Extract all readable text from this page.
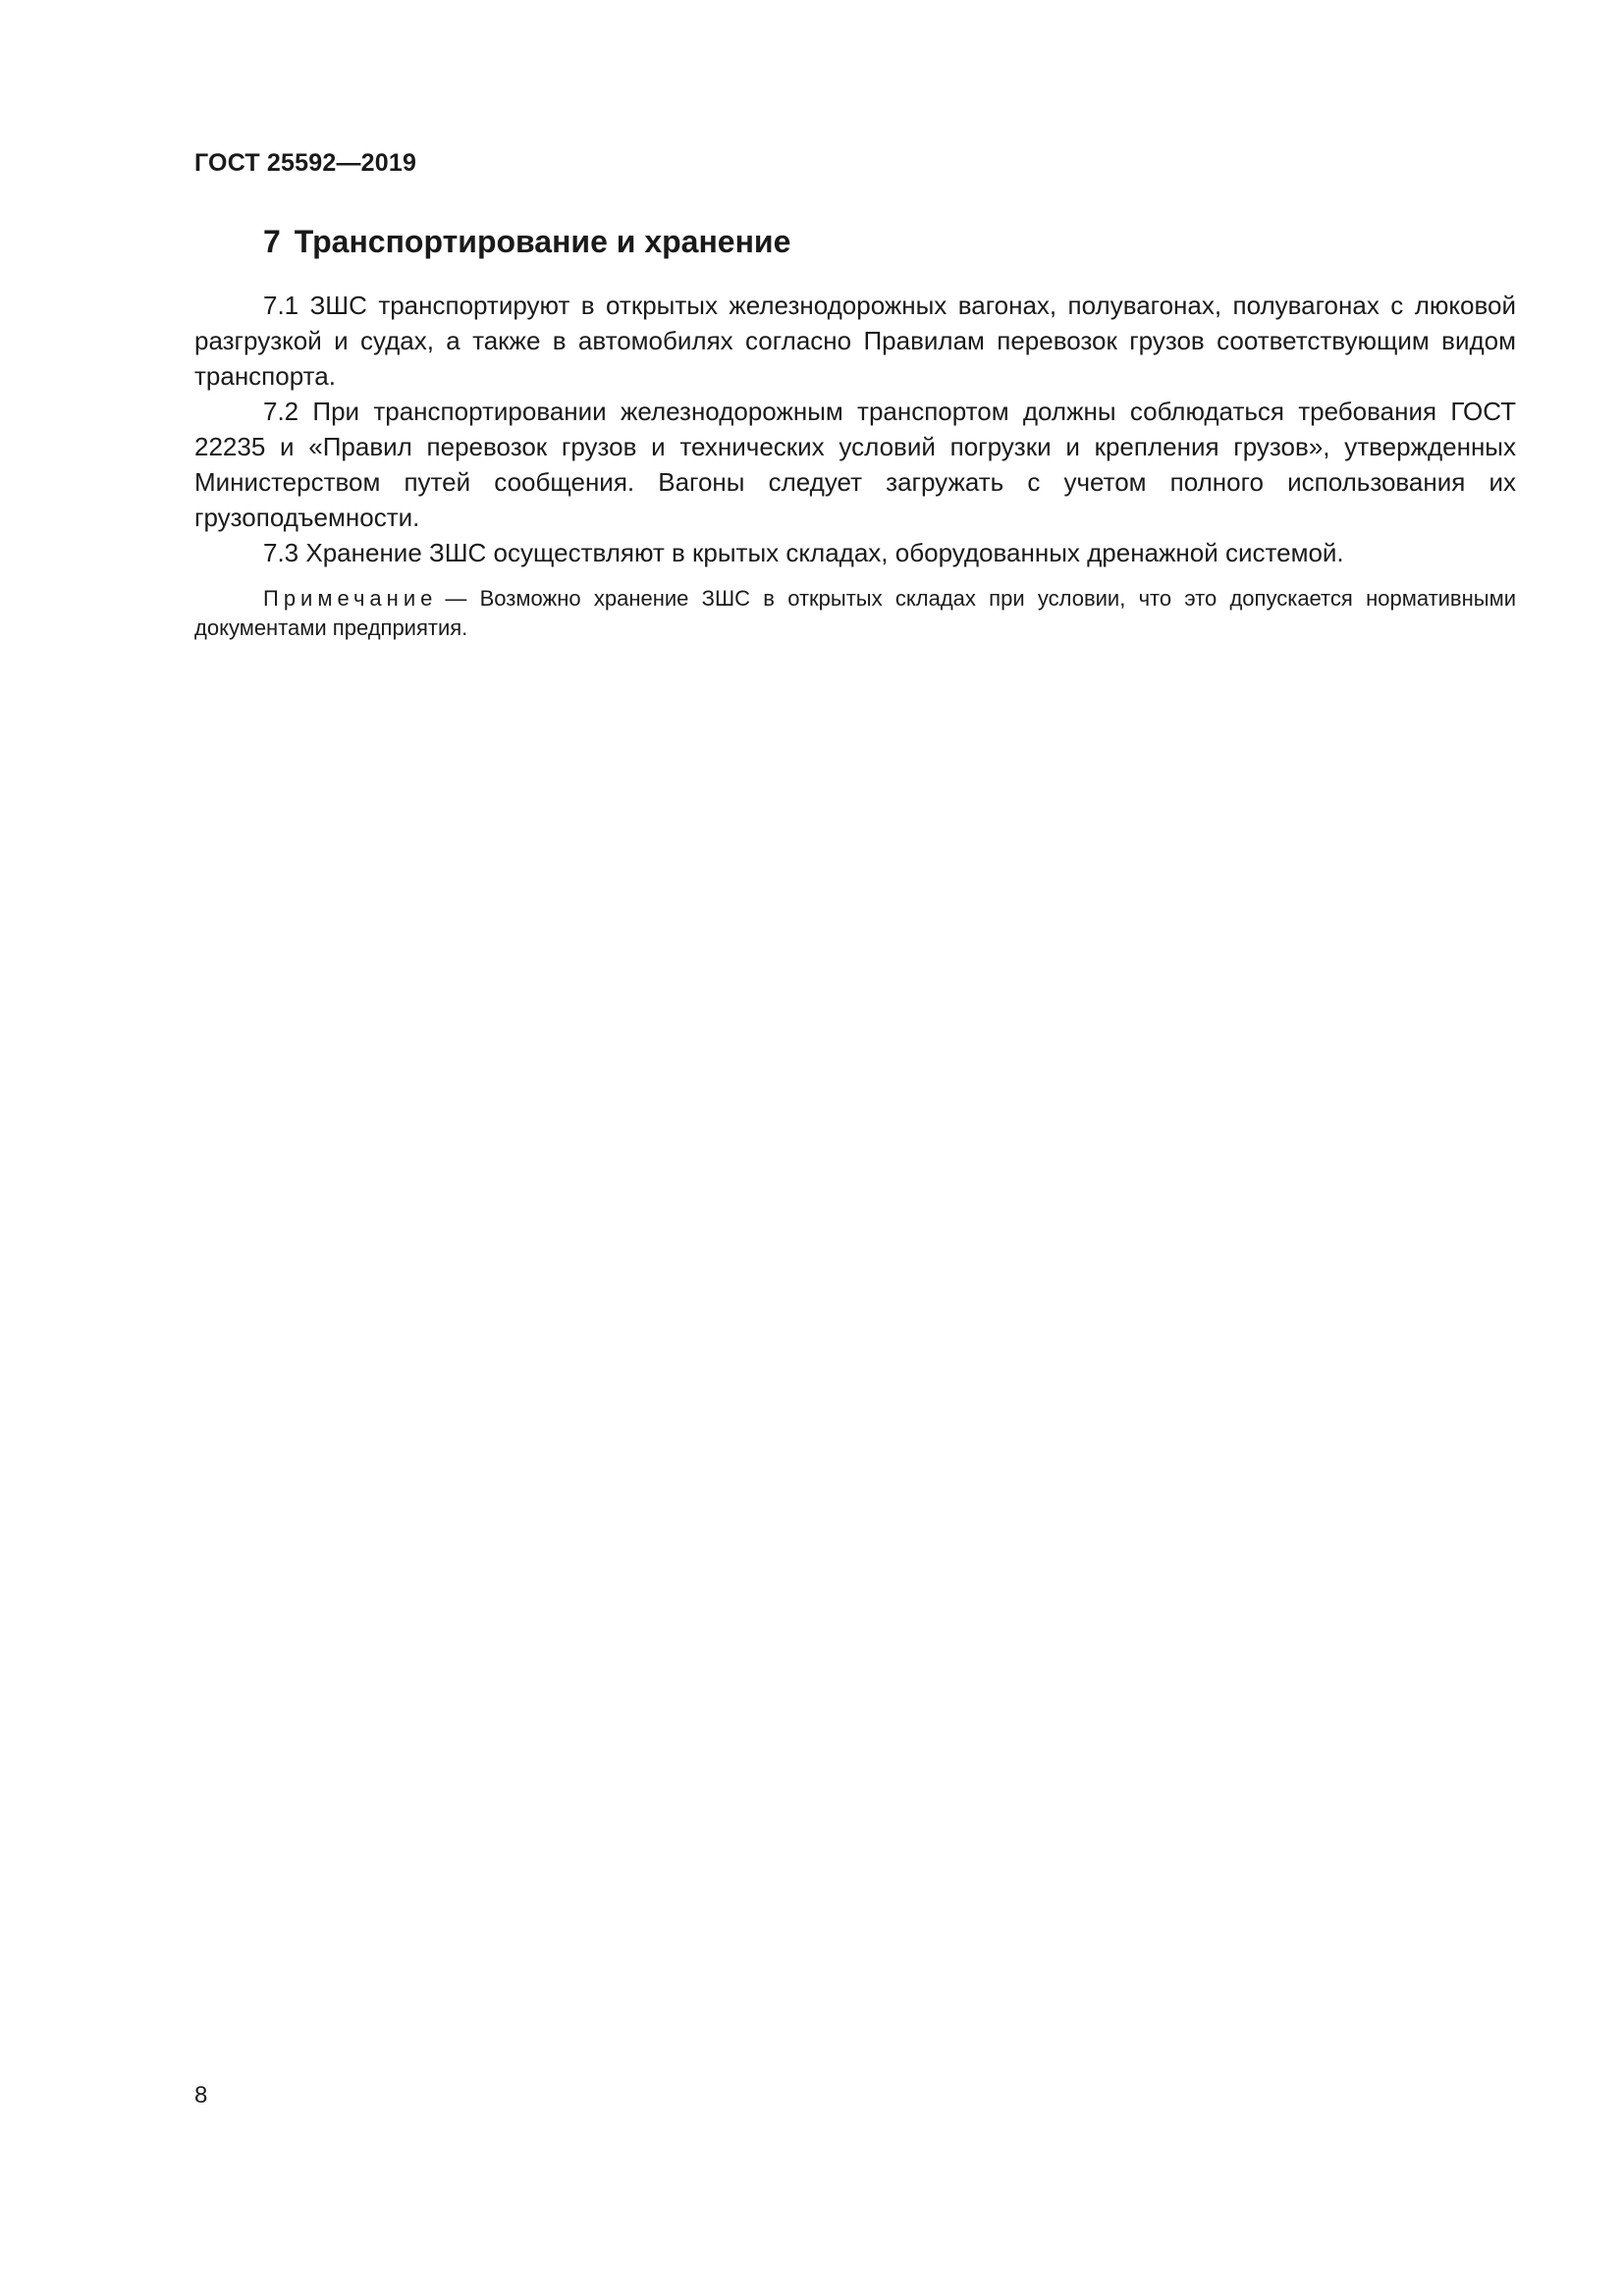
ГОСТ 25592—2019
7 Транспортирование и хранение

7.1 ЗШС транспортируют в открытых железнодорожных вагонах, полувагонах, полувагонах с люковой разгрузкой и судах, а также в автомобилях согласно Правилам перевозок грузов соответствующим видом транспорта.

7.2 При транспортировании железнодорожным транспортом должны соблюдаться требования ГОСТ 22235 и «Правил перевозок грузов и технических условий погрузки и крепления грузов», утвержденных Министерством путей сообщения. Вагоны следует загружать с учетом полного использования их грузоподъемности.

7.3 Хранение ЗШС осуществляют в крытых складах, оборудованных дренажной системой.

Примечание — Возможно хранение ЗШС в открытых складах при условии, что это допускается нормативными документами предприятия.

8
